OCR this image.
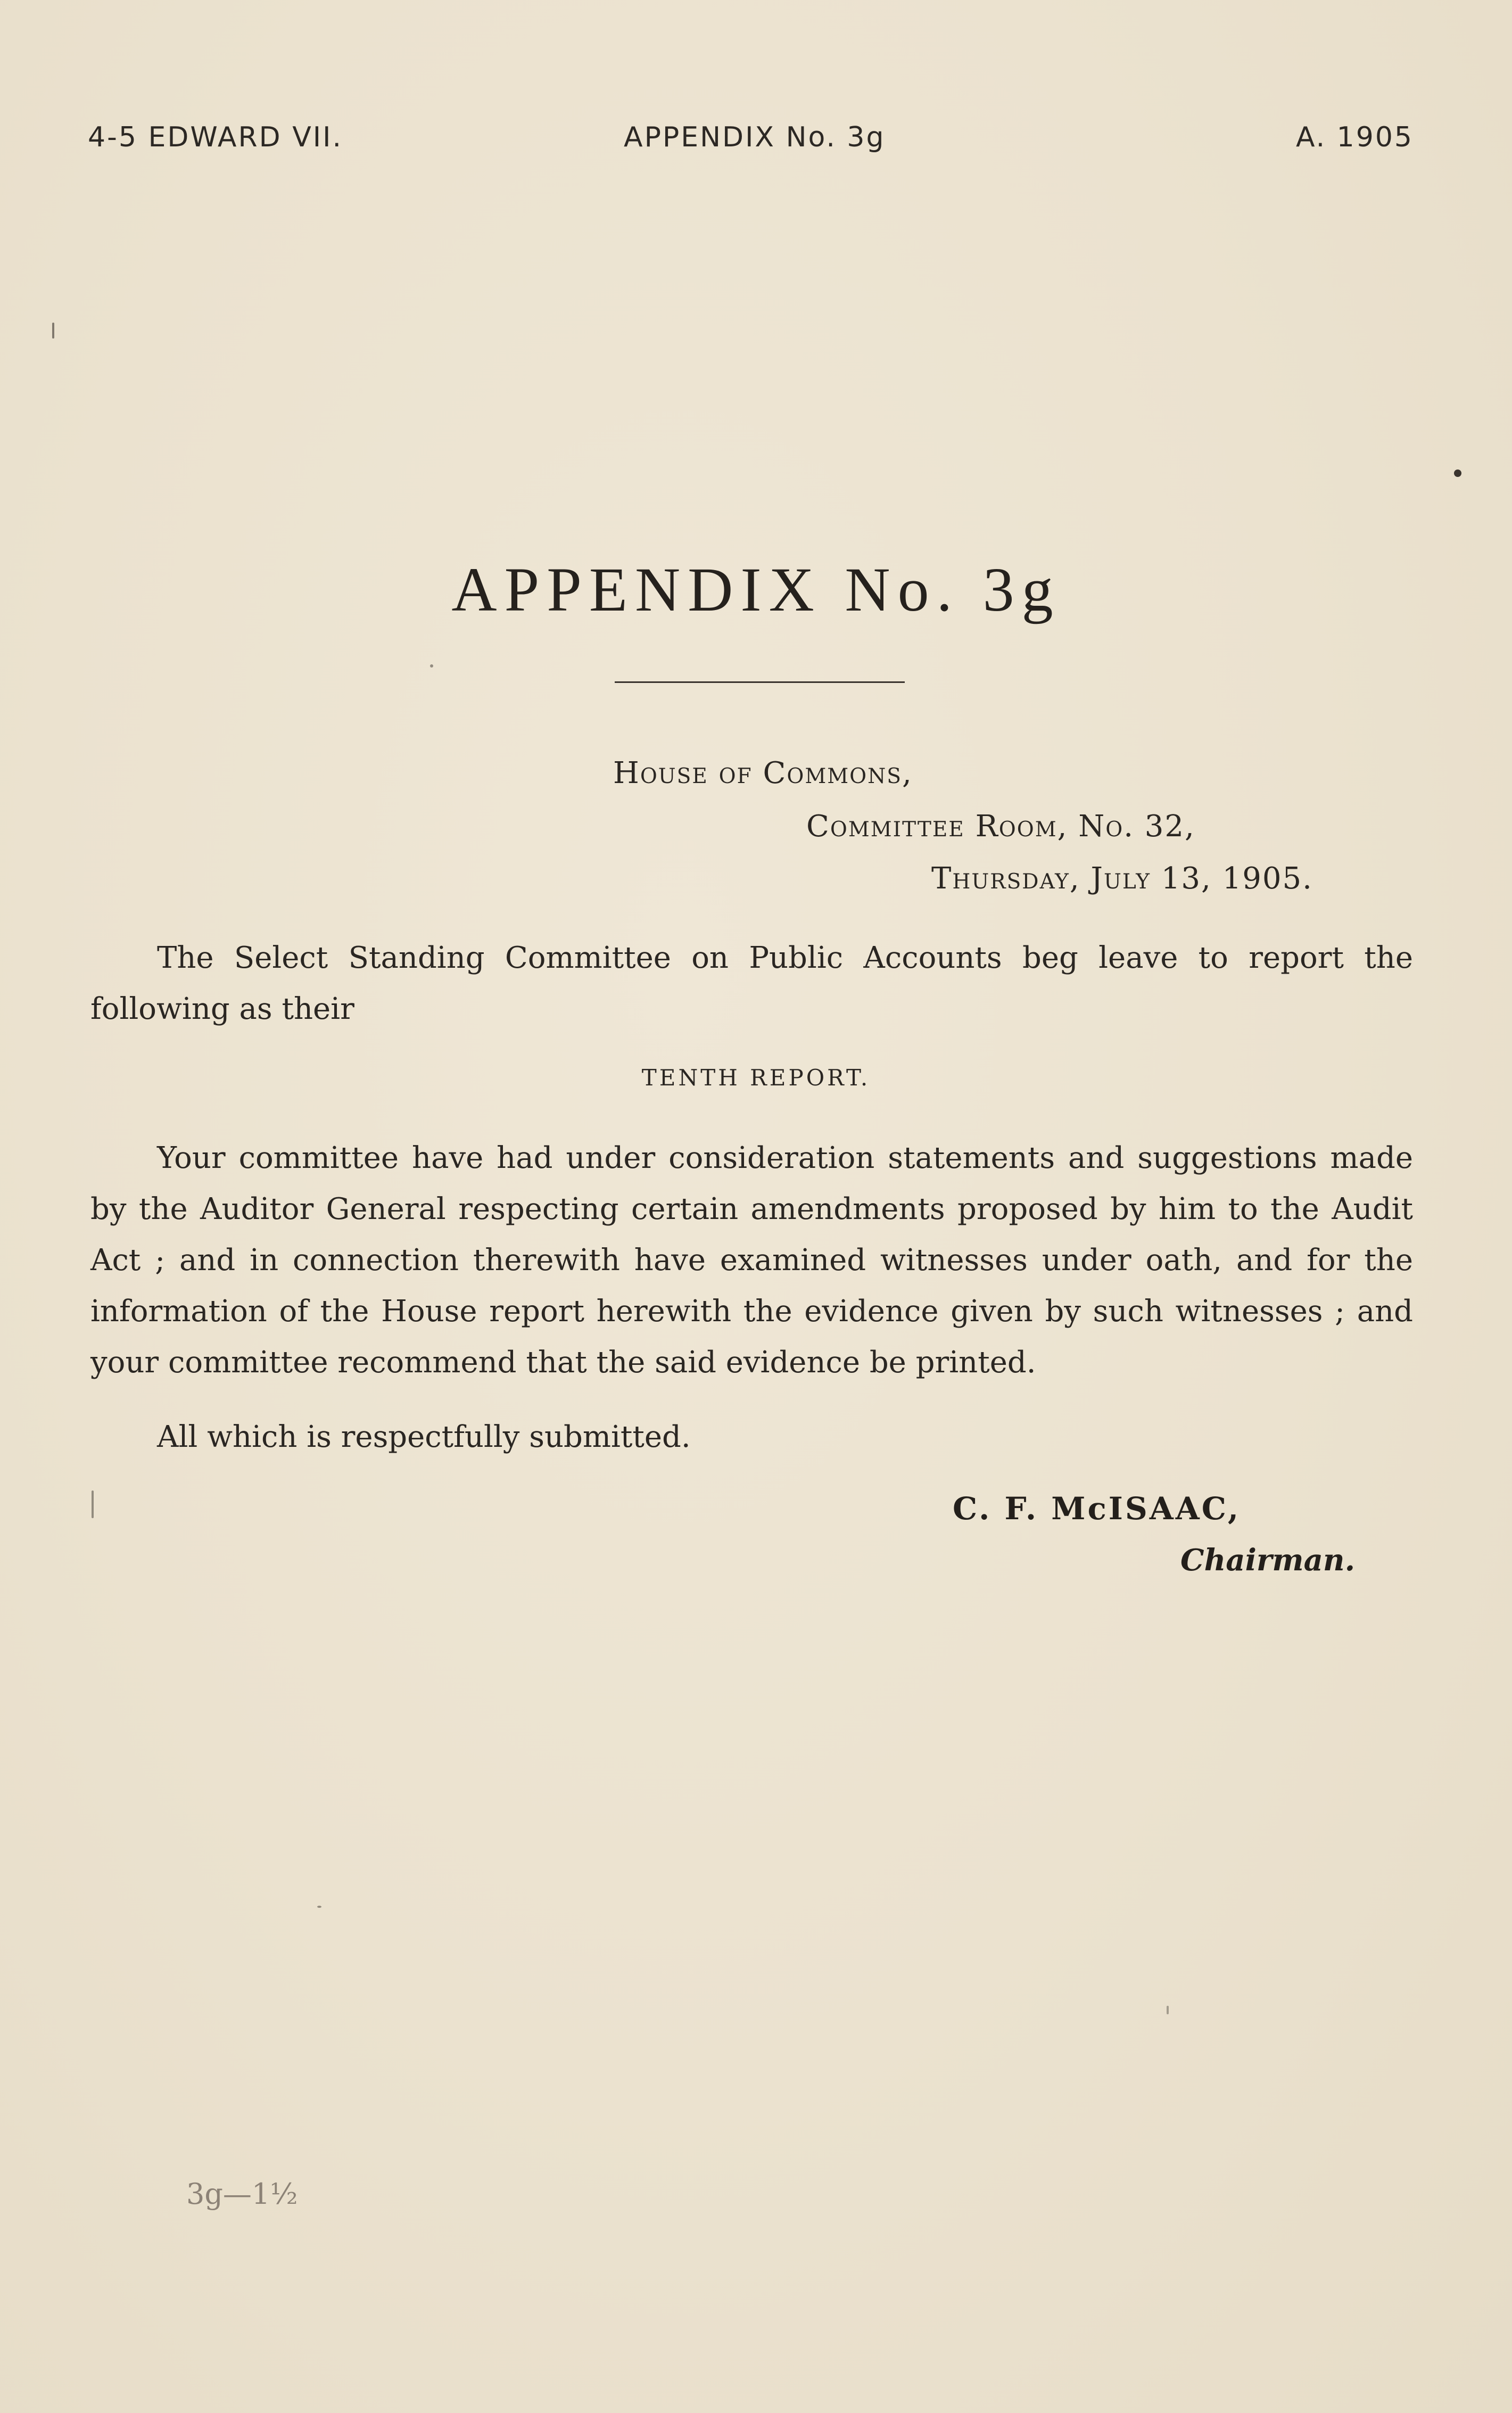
4-5 EDWARD VII.	APPENDIX No. 3g	A. 1905
APPENDIX No. 3g
House of Commons,
Committee Room, No. 32,
Thursday, July 13, 1905.

The Select Standing Committee on Public Accounts beg leave to report the following as their

TENTH REPORT.

Your committee have had under consideration statements and suggestions made by the Auditor General respecting certain amendments proposed by him to the Audit Act ; and in connection therewith have examined witnesses under oath, and for the information of the House report herewith the evidence given by such witnesses ; and your committee recommend that the said evidence be printed.

All which is respectfully submitted.

C. F. McISAAC,
Chairman.
3g—1½
